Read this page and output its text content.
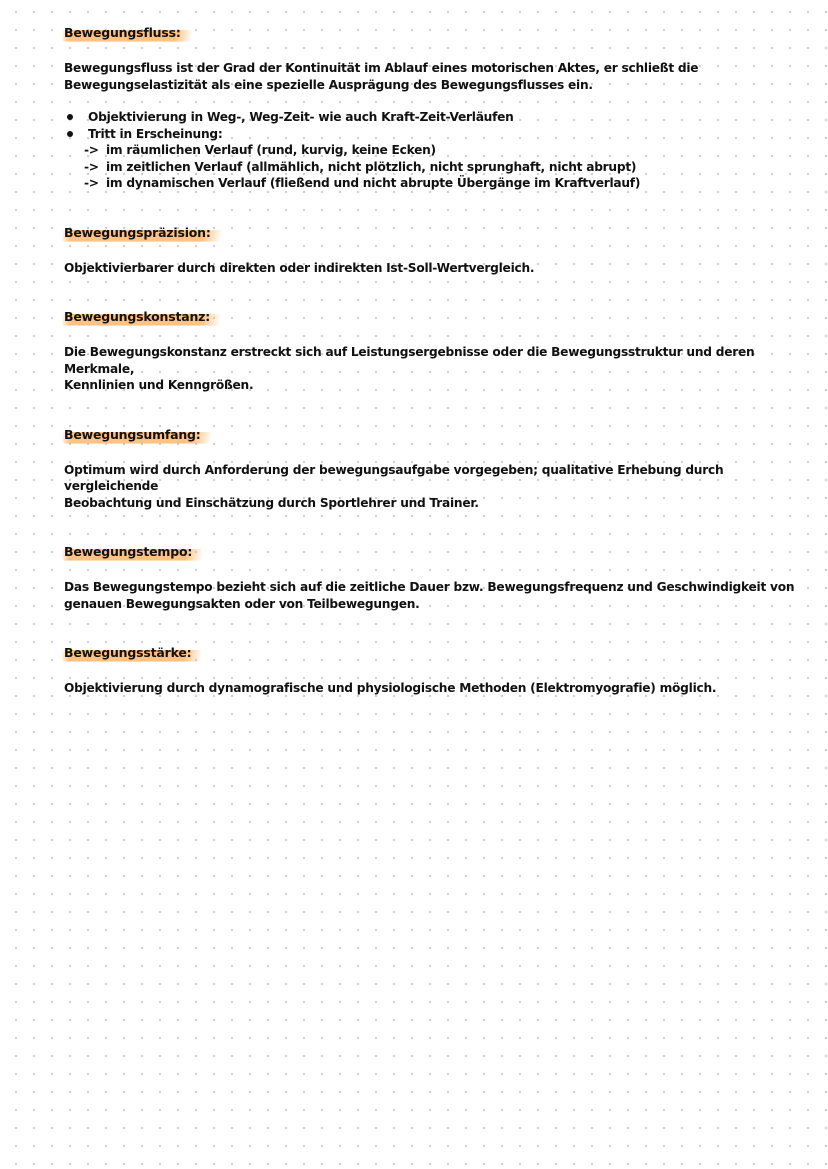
Bewegungsfluss:

Bewegungsfluss ist der Grad der Kontinuität im Ablauf eines motorischen Aktes, er schließt die

Bewegungselastizität als eine spezielle Ausprägung des Bewegungsflusses ein.

Objektivierung in Weg-, Weg-Zeit- wie auch Kraft-Zeit-Verläufen
Tritt in Erscheinung:
-> im räumlichen Verlauf (rund, kurvig, keine Ecken)
-> im zeitlichen Verlauf (allmählich, nicht plötzlich, nicht sprunghaft, nicht abrupt)
-> im dynamischen Verlauf (fließend und nicht abrupte Übergänge im Kraftverlauf)
Bewegungspräzision:

Objektivierbarer durch direkten oder indirekten Ist-Soll-Wertvergleich.

Bewegungskonstanz:

Die Bewegungskonstanz erstreckt sich auf Leistungsergebnisse oder die Bewegungsstruktur und deren Merkmale,

Kennlinien und Kenngrößen.

Bewegungsumfang:

Optimum wird durch Anforderung der bewegungsaufgabe vorgegeben; qualitative Erhebung durch vergleichende

Beobachtung und Einschätzung durch Sportlehrer und Trainer.

Bewegungstempo:

Das Bewegungstempo bezieht sich auf die zeitliche Dauer bzw. Bewegungsfrequenz und Geschwindigkeit von

genauen Bewegungsakten oder von Teilbewegungen.

Bewegungsstärke:

Objektivierung durch dynamografische und physiologische Methoden (Elektromyografie) möglich.
